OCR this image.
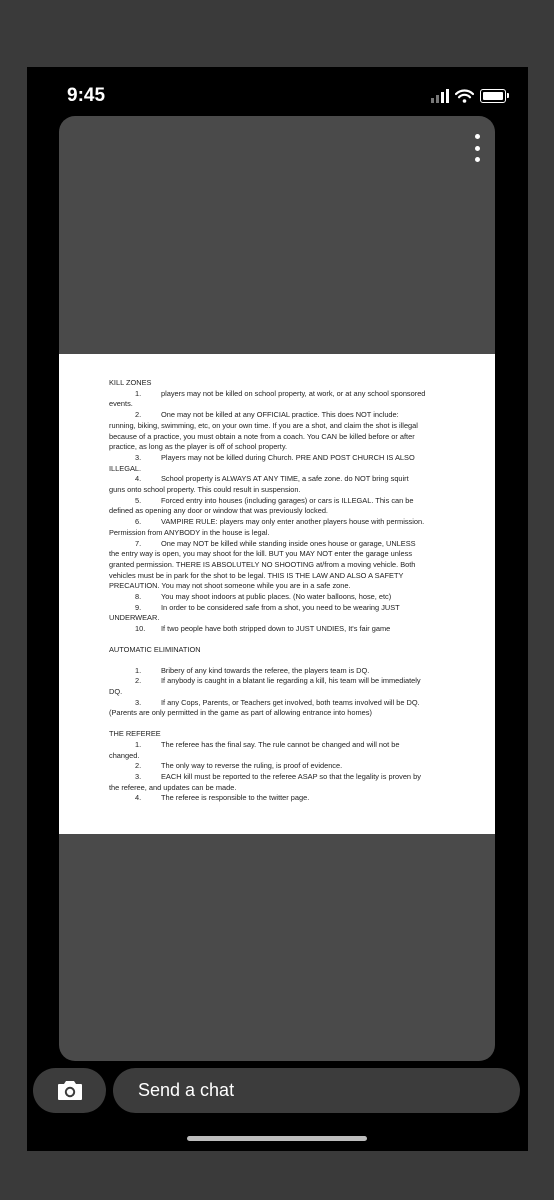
9:45
KILL ZONES
1.	players may not be killed on school property, at work, or at any school sponsored
events.
2.	One may not be killed at any OFFICIAL practice. This does NOT include:
running, biking, swimming, etc, on your own time. If you are a shot, and claim the shot is illegal
because of a practice, you must obtain a note from a coach. You CAN be killed before or after
practice, as long as the player is off of school property.
3.	Players may not be killed during Church. PRE AND POST CHURCH IS ALSO
ILLEGAL.
4.	School property is ALWAYS AT ANY TIME, a safe zone. do NOT bring squirt
guns onto school property. This could result in suspension.
5.	Forced entry into houses (including garages) or cars is ILLEGAL. This can be
defined as opening any door or window that was previously locked.
6.	VAMPIRE RULE: players may only enter another players house with permission.
Permission from ANYBODY in the house is legal.
7.	One may NOT be killed while standing inside ones house or garage, UNLESS
the entry way is open, you may shoot for the kill. BUT you MAY NOT enter the garage unless
granted permission. THERE IS ABSOLUTELY NO SHOOTING at/from a moving vehicle. Both
vehicles must be in park for the shot to be legal. THIS IS THE LAW AND ALSO A SAFETY
PRECAUTION. You may not shoot someone while you are in a safe zone.
8.	You may shoot indoors at public places. (No water balloons, hose, etc)
9.	In order to be considered safe from a shot, you need to be wearing JUST
UNDERWEAR.
10. If two people have both stripped down to JUST UNDIES, It's fair game
AUTOMATIC ELIMINATION
1.	Bribery of any kind towards the referee, the players team is DQ.
2.	If anybody is caught in a blatant lie regarding a kill, his team will be immediately
DQ.
3.	If any Cops, Parents, or Teachers get involved, both teams involved will be DQ.
(Parents are only permitted in the game as part of allowing entrance into homes)
THE REFEREE
1.	The referee has the final say. The rule cannot be changed and will not be
changed.
2.	The only way to reverse the ruling, is proof of evidence.
3.	EACH kill must be reported to the referee ASAP so that the legality is proven by
the referee, and updates can be made.
4.	The referee is responsible to the twitter page.
Send a chat
